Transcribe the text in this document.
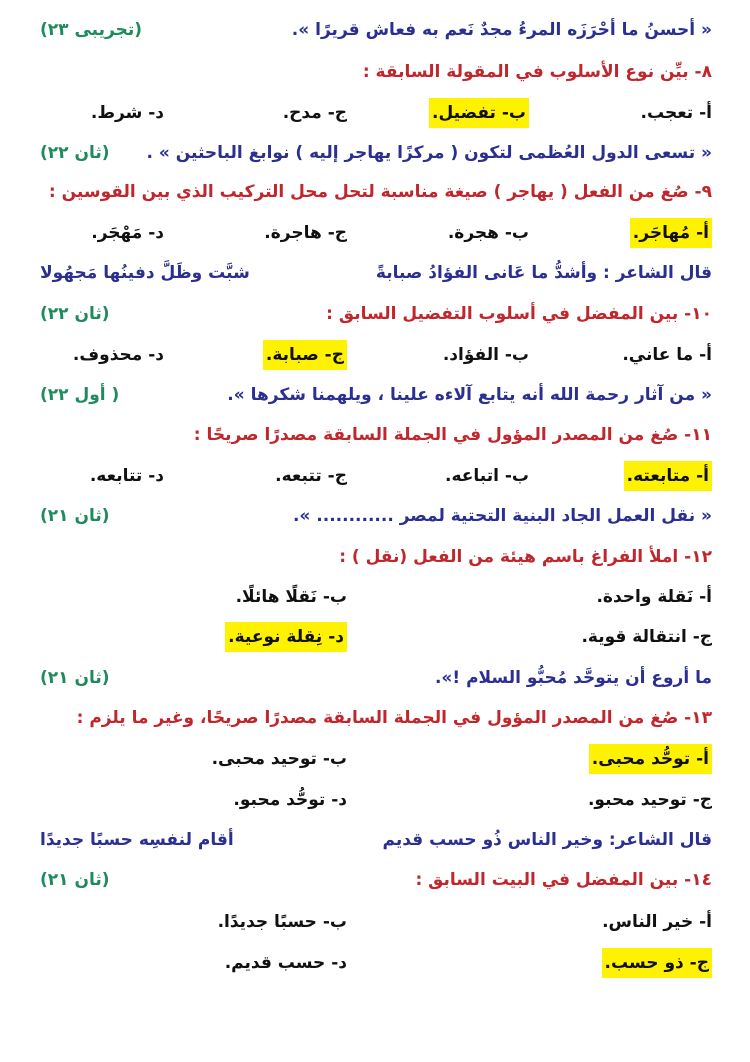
« أحسنُ ما أحْرَزَه المرءُ مجدٌ نَعم به فعاش قريرًا ».
(تجريبى ٢٣)
٨- بيِّن نوع الأسلوب في المقولة السابقة :
أ- تعجب.
ب- تفضيل.
ج- مدح.
د- شرط.
« تسعى الدول العُظمى لتكون ( مركزًا يهاجر إليه ) نوابغ الباحثين » .
(ثان ٢٢)
٩- صُغ من الفعل ( يهاجر ) صيغة مناسبة لتحل محل التركيب الذي بين القوسين :
أ- مُهاجَر.
ب- هجرة.
ج- هاجرة.
د- مَهْجَر.
قال الشاعر : وأشدُّ ما عَانى الفؤادُ صبابةً
شبَّت وظَلَّ دفينُها مَجهُولا
١٠- بين المفضل في أسلوب التفضيل السابق :
(ثان ٢٢)
أ- ما عاني.
ب- الفؤاد.
ج- صبابة.
د- محذوف.
« من آثار رحمة الله أنه يتابع آلاءه علينا ، ويلهمنا شكرها ».
( أول ٢٢)
١١- صُغ من المصدر المؤول في الجملة السابقة مصدرًا صريحًا :
أ- متابعته.
ب- اتباعه.
ج- تتبعه.
د- تتابعه.
« نقل العمل الجاد البنية التحتية لمصر ............ ».
(ثان ٢١)
١٢- املأ الفراغ باسم هيئة من الفعل (نقل ) :
أ- نَقلة واحدة.
ب- نَقلًا هائلًا.
ج- انتقالة قوية.
د- نِقلة نوعية.
ما أروع أن يتوحَّد مُحبُّو السلام !».
(ثان ٢١)
١٣- صُغ من المصدر المؤول في الجملة السابقة مصدرًا صريحًا، وغير ما يلزم :
أ- توحُّد محبى.
ب- توحيد محبى.
ج- توحيد محبو.
د- توحُّد محبو.
قال الشاعر: وخير الناس ذُو حسب قديم
أقام لنفسِه حسبًا جديدًا
١٤- بين المفضل في البيت السابق :
(ثان ٢١)
أ- خير الناس.
ب- حسبًا جديدًا.
ج- ذو حسب.
د- حسب قديم.
